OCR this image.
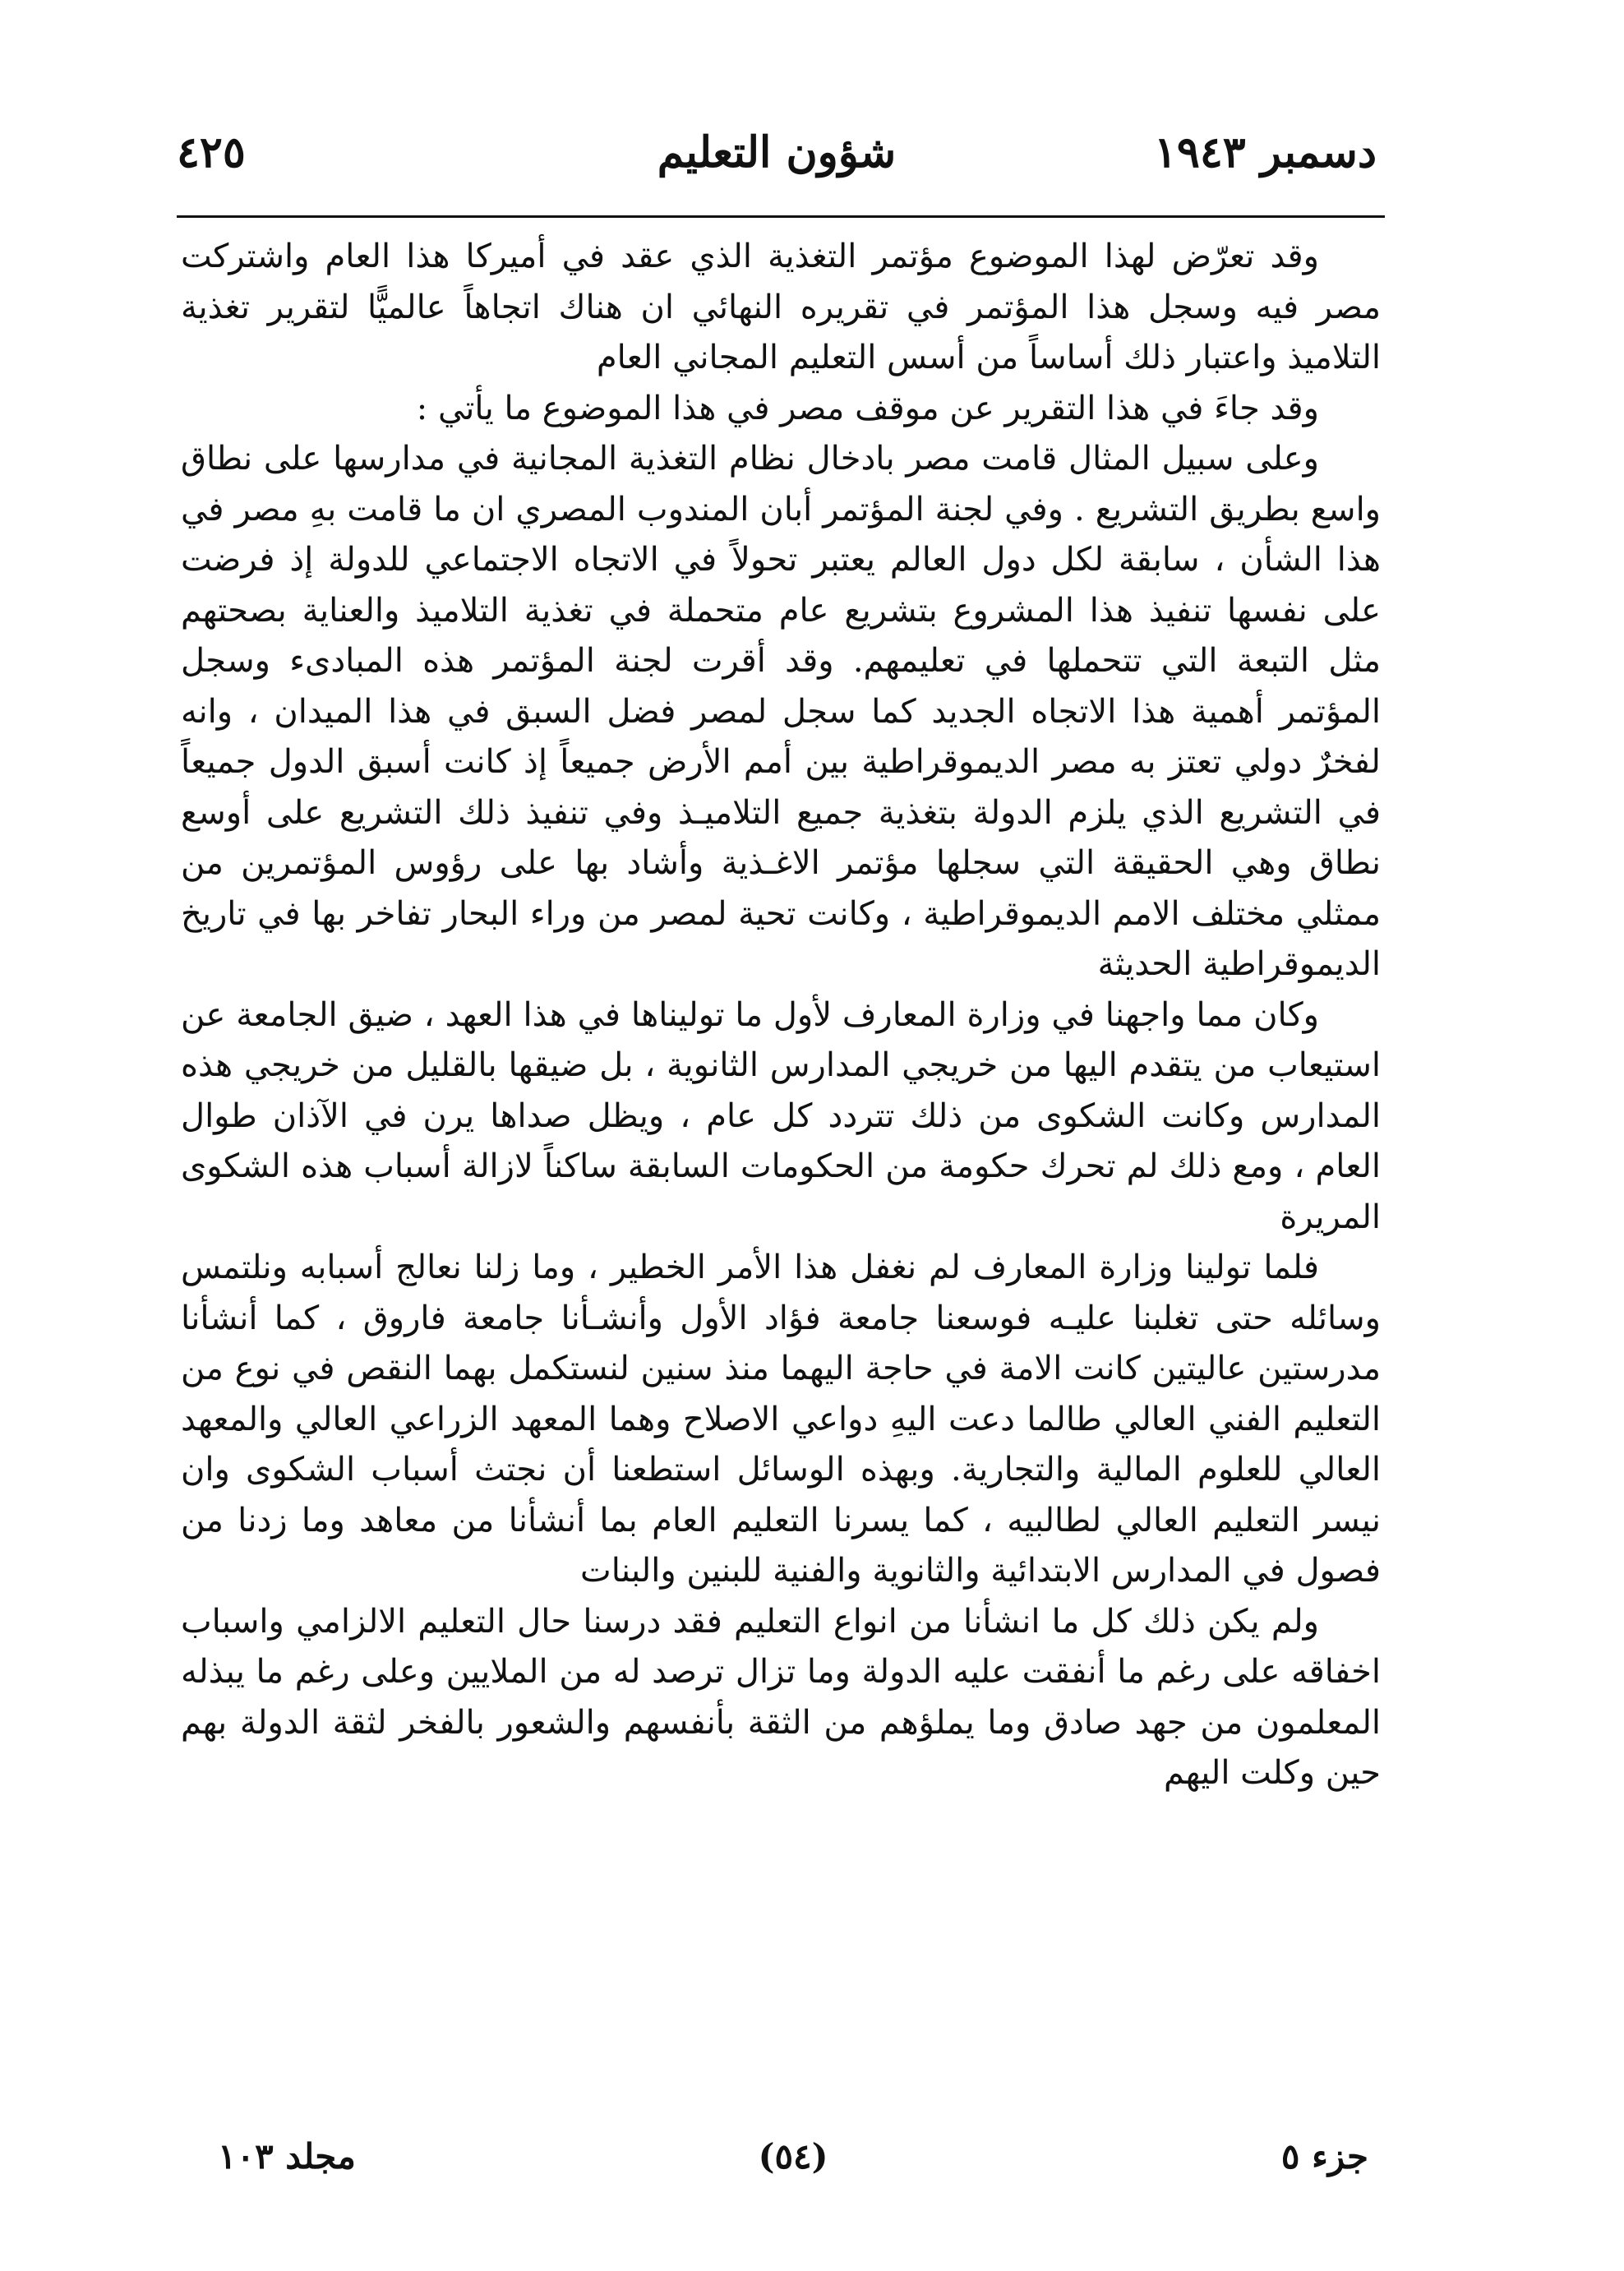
دسمبر ١٩٤٣
شؤون التعليم
٤٢٥

وقد تعرّض لهذا الموضوع مؤتمر التغذية الذي عقد في أميركا هذا العام واشتركت مصر فيه وسجل هذا المؤتمر في تقريره النهائي ان هناك اتجاهاً عالميًّا لتقرير تغذية التلاميذ واعتبار ذلك أساساً من أسس التعليم المجاني العام

وقد جاءَ في هذا التقرير عن موقف مصر في هذا الموضوع ما يأتي :

وعلى سبيل المثال قامت مصر بادخال نظام التغذية المجانية في مدارسها على نطاق واسع بطريق التشريع . وفي لجنة المؤتمر أبان المندوب المصري ان ما قامت بهِ مصر في هذا الشأن ، سابقة لكل دول العالم يعتبر تحولاً في الاتجاه الاجتماعي للدولة إذ فرضت على نفسها تنفيذ هذا المشروع بتشريع عام متحملة في تغذية التلاميذ والعناية بصحتهم مثل التبعة التي تتحملها في تعليمهم. وقد أقرت لجنة المؤتمر هذه المبادىء وسجل المؤتمر أهمية هذا الاتجاه الجديد كما سجل لمصر فضل السبق في هذا الميدان ، وانه لفخرٌ دولي تعتز به مصر الديموقراطية بين أمم الأرض جميعاً إذ كانت أسبق الدول جميعاً في التشريع الذي يلزم الدولة بتغذية جميع التلاميـذ وفي تنفيذ ذلك التشريع على أوسع نطاق وهي الحقيقة التي سجلها مؤتمر الاغـذية وأشاد بها على رؤوس المؤتمرين من ممثلي مختلف الامم الديموقراطية ، وكانت تحية لمصر من وراء البحار تفاخر بها في تاريخ الديموقراطية الحديثة

وكان مما واجهنا في وزارة المعارف لأول ما توليناها في هذا العهد ، ضيق الجامعة عن استيعاب من يتقدم اليها من خريجي المدارس الثانوية ، بل ضيقها بالقليل من خريجي هذه المدارس وكانت الشكوى من ذلك تتردد كل عام ، ويظل صداها يرن في الآذان طوال العام ، ومع ذلك لم تحرك حكومة من الحكومات السابقة ساكناً لازالة أسباب هذه الشكوى المريرة

فلما تولينا وزارة المعارف لم نغفل هذا الأمر الخطير ، وما زلنا نعالج أسبابه ونلتمس وسائله حتى تغلبنا عليـه فوسعنا جامعة فؤاد الأول وأنشـأنا جامعة فاروق ، كما أنشأنا مدرستين عاليتين كانت الامة في حاجة اليهما منذ سنين لنستكمل بهما النقص في نوع من التعليم الفني العالي طالما دعت اليهِ دواعي الاصلاح وهما المعهد الزراعي العالي والمعهد العالي للعلوم المالية والتجارية. وبهذه الوسائل استطعنا أن نجتث أسباب الشكوى وان نيسر التعليم العالي لطالبيه ، كما يسرنا التعليم العام بما أنشأنا من معاهد وما زدنا من فصول في المدارس الابتدائية والثانوية والفنية للبنين والبنات

ولم يكن ذلك كل ما انشأنا من انواع التعليم فقد درسنا حال التعليم الالزامي واسباب اخفاقه على رغم ما أنفقت عليه الدولة وما تزال ترصد له من الملايين وعلى رغم ما يبذله المعلمون من جهد صادق وما يملؤهم من الثقة بأنفسهم والشعور بالفخر لثقة الدولة بهم حين وكلت اليهم

جزء ٥
(٥٤)
مجلد ١٠٣
